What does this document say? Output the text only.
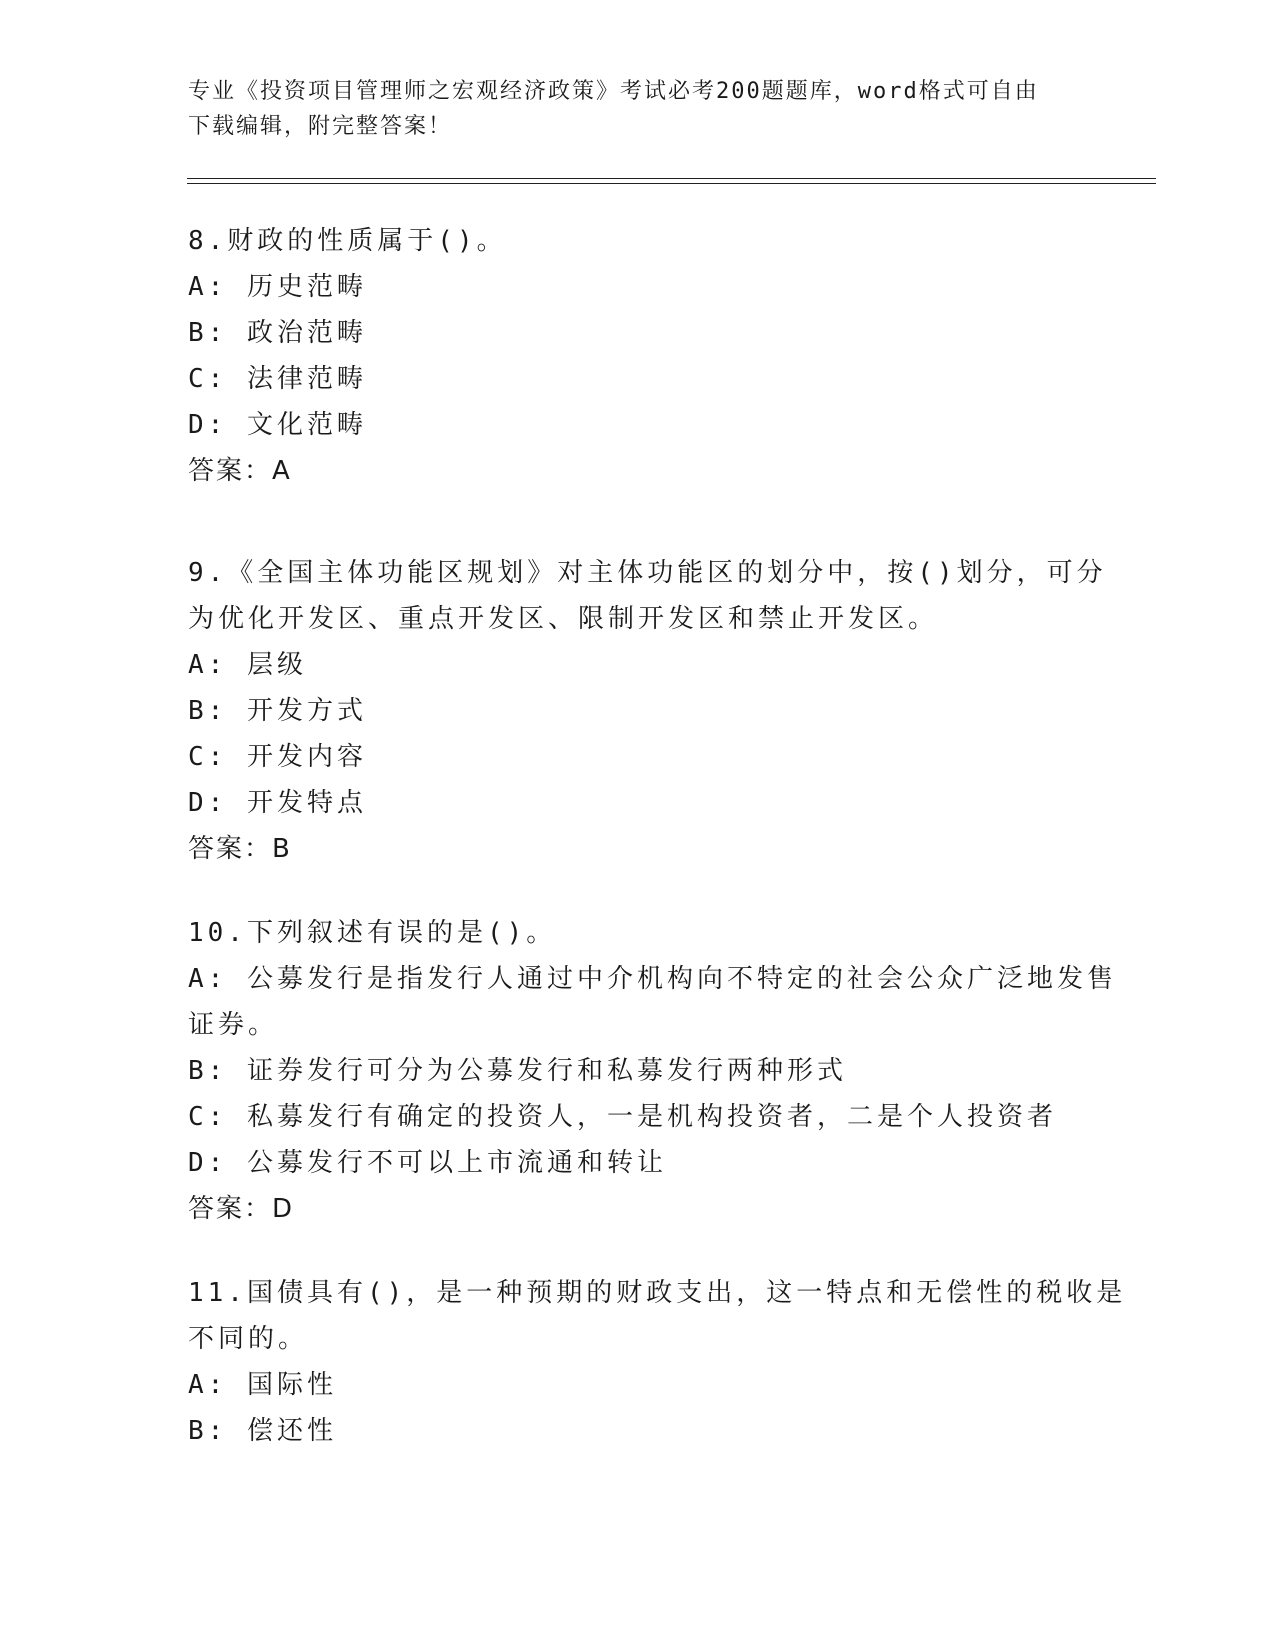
专业《投资项目管理师之宏观经济政策》考试必考200题题库，word格式可自由
下载编辑，附完整答案！
8.财政的性质属于()。
A: 历史范畴
B: 政治范畴
C: 法律范畴
D: 文化范畴
答案：A
9.《全国主体功能区规划》对主体功能区的划分中，按()划分，可分
为优化开发区、重点开发区、限制开发区和禁止开发区。
A: 层级
B: 开发方式
C: 开发内容
D: 开发特点
答案：B
10.下列叙述有误的是()。
A: 公募发行是指发行人通过中介机构向不特定的社会公众广泛地发售
证券。
B: 证券发行可分为公募发行和私募发行两种形式
C: 私募发行有确定的投资人，一是机构投资者，二是个人投资者
D: 公募发行不可以上市流通和转让
答案：D
11.国债具有()，是一种预期的财政支出，这一特点和无偿性的税收是
不同的。
A: 国际性
B: 偿还性
